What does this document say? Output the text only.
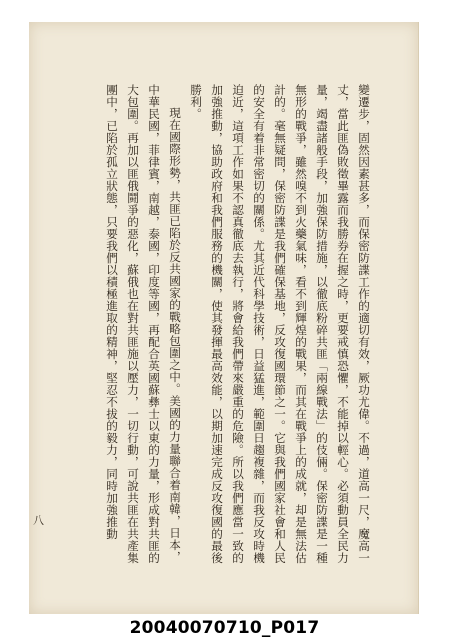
變遷步，固然因素甚多，而保密防諜工作的適切有效，厥功尤偉。不過，道高一尺，魔高一丈，當此匪偽敗徵畢露而我勝券在握之時，更要戒慎恐懼，不能掉以輕心。必須動員全民力量，竭盡諸般手段，加強保防措施，以徹底粉碎共匪「兩線戰法」的伎倆。保密防諜是一種無形的戰爭，雖然嗅不到火藥氣味，看不到輝煌的戰果，而其在戰爭上的成就，却是無法估計的。毫無疑問，保密防諜是我們確保基地，反攻復國環節之一。它與我們國家社會和人民的安全有着非常密切的關係。尤其近代科學技術，日益猛進，範圍日趨複雜，而我反攻時機迫近，這項工作如果不認真徹底去執行，將會給我們帶來嚴重的危險。所以我們應當一致的加強推動，協助政府和我們服務的機關，使其發揮最高效能，以期加速完成反攻復國的最後勝利。

現在國際形勢，共匪已陷於反共國家的戰略包圍之中。美國的力量聯合着南韓，日本，中華民國，菲律賓，南越，泰國，印度等國，再配合英國蘇彝士以東的力量，形成對共匪的大包圍。再加以匪俄鬪爭的惡化，蘇俄也在對共匪施以壓力，一切行動，可說共匪在共產集團中，已陷於孤立狀態，只要我們以積極進取的精神，堅忍不拔的毅力，同時加強推動

八
20040070710_P017
